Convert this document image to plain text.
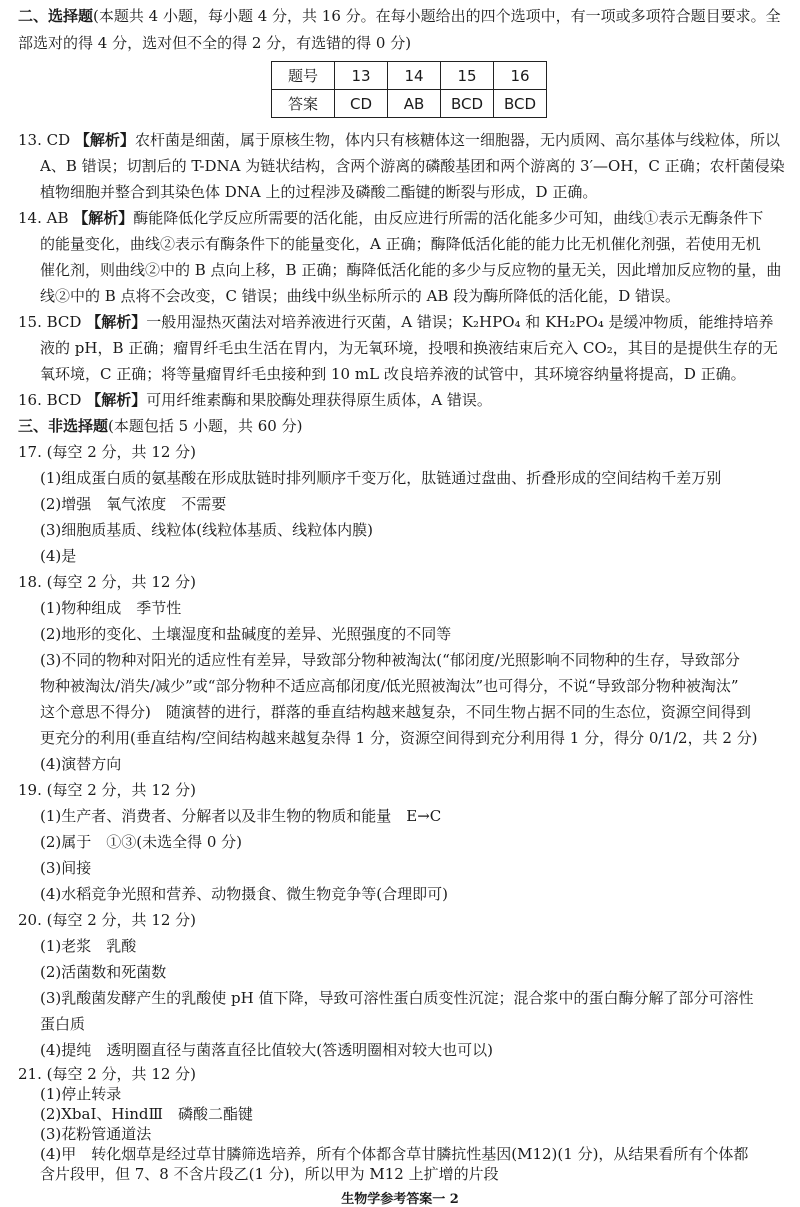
二、选择题(本题共 4 小题，每小题 4 分，共 16 分。在每小题给出的四个选项中，有一项或多项符合题目要求。全
部选对的得 4 分，选对但不全的得 2 分，有选错的得 0 分)
题号	13	14	15	16
答案	CD	AB	BCD	BCD
13. CD 【解析】农杆菌是细菌，属于原核生物，体内只有核糖体这一细胞器，无内质网、高尔基体与线粒体，所以
A、B 错误；切割后的 T-DNA 为链状结构，含两个游离的磷酸基团和两个游离的 3′—OH，C 正确；农杆菌侵染
植物细胞并整合到其染色体 DNA 上的过程涉及磷酸二酯键的断裂与形成，D 正确。
14. AB 【解析】酶能降低化学反应所需要的活化能，由反应进行所需的活化能多少可知，曲线①表示无酶条件下
的能量变化，曲线②表示有酶条件下的能量变化，A 正确；酶降低活化能的能力比无机催化剂强，若使用无机
催化剂，则曲线②中的 B 点向上移，B 正确；酶降低活化能的多少与反应物的量无关，因此增加反应物的量，曲
线②中的 B 点将不会改变，C 错误；曲线中纵坐标所示的 AB 段为酶所降低的活化能，D 错误。
15. BCD 【解析】一般用湿热灭菌法对培养液进行灭菌，A 错误；K₂HPO₄ 和 KH₂PO₄ 是缓冲物质，能维持培养
液的 pH，B 正确；瘤胃纤毛虫生活在胃内，为无氧环境，投喂和换液结束后充入 CO₂，其目的是提供生存的无
氧环境，C 正确；将等量瘤胃纤毛虫接种到 10 mL 改良培养液的试管中，其环境容纳量将提高，D 正确。
16. BCD 【解析】可用纤维素酶和果胶酶处理获得原生质体，A 错误。
三、非选择题(本题包括 5 小题，共 60 分)
17. (每空 2 分，共 12 分)
(1)组成蛋白质的氨基酸在形成肽链时排列顺序千变万化，肽链通过盘曲、折叠形成的空间结构千差万别
(2)增强　氧气浓度　不需要
(3)细胞质基质、线粒体(线粒体基质、线粒体内膜)
(4)是
18. (每空 2 分，共 12 分)
(1)物种组成　季节性
(2)地形的变化、土壤湿度和盐碱度的差异、光照强度的不同等
(3)不同的物种对阳光的适应性有差异，导致部分物种被淘汰(“郁闭度/光照影响不同物种的生存，导致部分
物种被淘汰/消失/减少”或“部分物种不适应高郁闭度/低光照被淘汰”也可得分，不说“导致部分物种被淘汰”
这个意思不得分)　随演替的进行，群落的垂直结构越来越复杂，不同生物占据不同的生态位，资源空间得到
更充分的利用(垂直结构/空间结构越来越复杂得 1 分，资源空间得到充分利用得 1 分，得分 0/1/2，共 2 分)
(4)演替方向
19. (每空 2 分，共 12 分)
(1)生产者、消费者、分解者以及非生物的物质和能量　E→C
(2)属于　①③(未选全得 0 分)
(3)间接
(4)水稻竞争光照和营养、动物摄食、微生物竞争等(合理即可)
20. (每空 2 分，共 12 分)
(1)老浆　乳酸
(2)活菌数和死菌数
(3)乳酸菌发酵产生的乳酸使 pH 值下降，导致可溶性蛋白质变性沉淀；混合浆中的蛋白酶分解了部分可溶性
蛋白质
(4)提纯　透明圈直径与菌落直径比值较大(答透明圈相对较大也可以)
21. (每空 2 分，共 12 分)
(1)停止转录
(2)XbaⅠ、HindⅢ　磷酸二酯键
(3)花粉管通道法
生物学参考答案一 2
(4)甲　转化烟草是经过草甘膦筛选培养，所有个体都含草甘膦抗性基因(M12)(1 分)，从结果看所有个体都
含片段甲，但 7、8 不含片段乙(1 分)，所以甲为 M12 上扩增的片段
